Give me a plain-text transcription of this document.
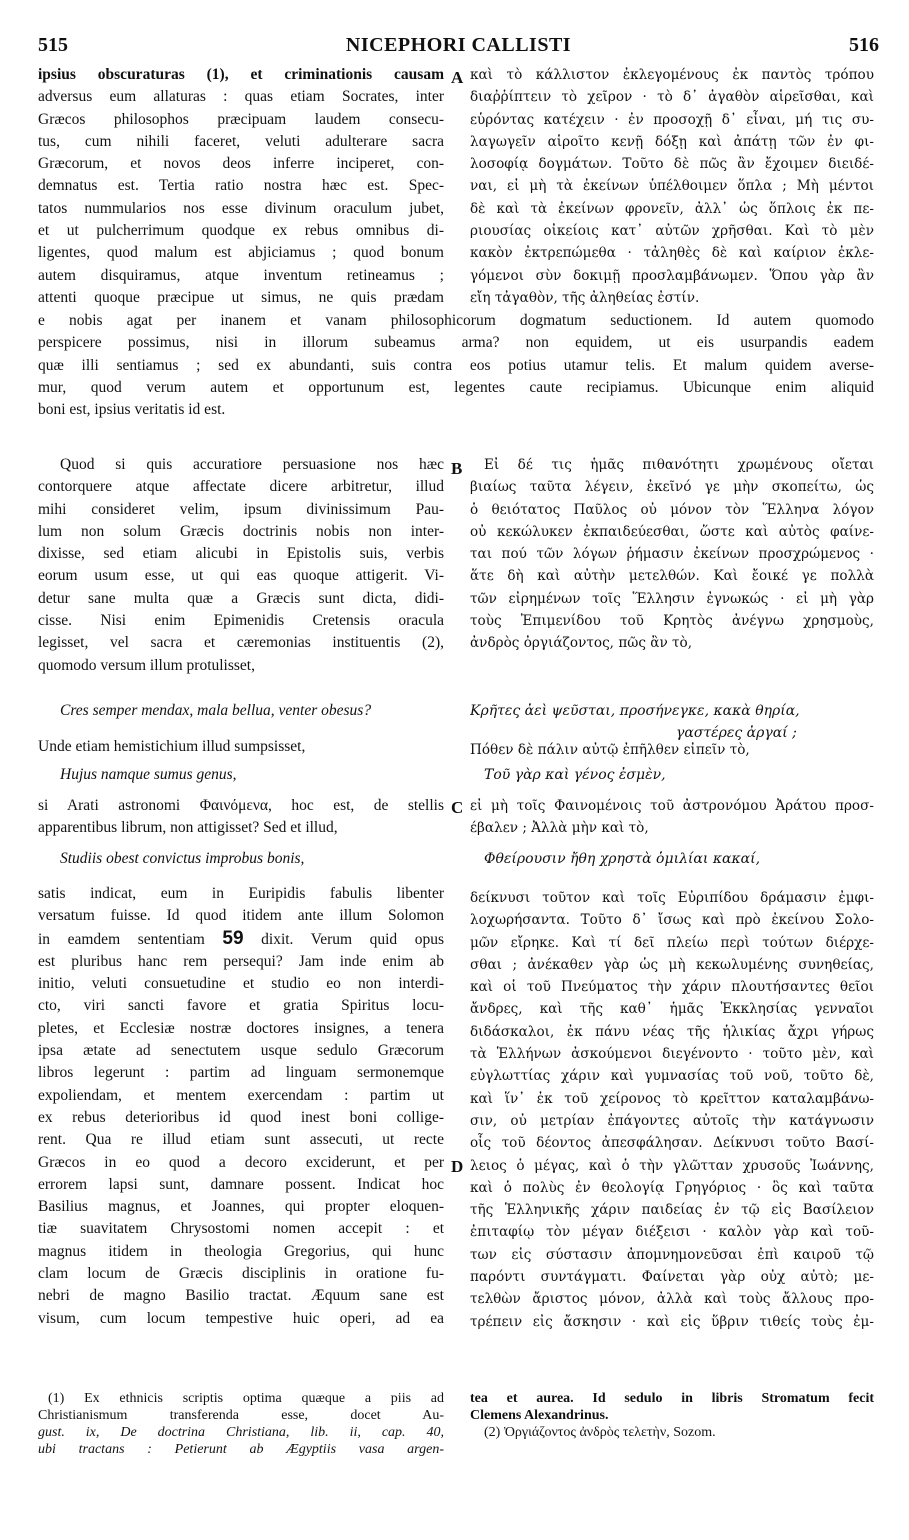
515	NICEPHORI CALLISTI	516
A
B
C
D
ipsius obscuraturas (1), et criminationis causam
adversus eum allaturas : quas etiam Socrates, inter
Græcos philosophos præcipuam laudem consecu-
tus, cum nihili faceret, veluti adulterare sacra
Græcorum, et novos deos inferre inciperet, con-
demnatus est. Tertia ratio nostra hæc est. Spec-
tatos nummularios nos esse divinum oraculum jubet,
et ut pulcherrimum quodque ex rebus omnibus di-
ligentes, quod malum est abjiciamus ; quod bonum
autem disquiramus, atque inventum retineamus ;
attenti quoque præcipue ut simus, ne quis prædam
καὶ τὸ κάλλιστον ἐκλεγομένους ἐκ παντὸς τρόπου
διαῤῥίπτειν τὸ χεῖρον · τὸ δ᾽ ἀγαθὸν αἱρεῖσθαι, καὶ
εὑρόντας κατέχειν · ἐν προσοχῇ δ᾽ εἶναι, μή τις συ-
λαγωγεῖν αἱροῖτο κενῇ δόξῃ καὶ ἀπάτῃ τῶν ἐν φι-
λοσοφίᾳ δογμάτων. Τοῦτο δὲ πῶς ἂν ἔχοιμεν διειδέ-
ναι, εἰ μὴ τὰ ἐκείνων ὑπέλθοιμεν ὅπλα ; Μὴ μέντοι
δὲ καὶ τὰ ἐκείνων φρονεῖν, ἀλλ᾽ ὡς ὅπλοις ἐκ πε-
ριουσίας οἰκείοις κατ᾽ αὐτῶν χρῆσθαι. Καὶ τὸ μὲν
κακὸν ἐκτρεπώμεθα · τἀληθὲς δὲ καὶ καίριον ἐκλε-
γόμενοι σὺν δοκιμῇ προσλαμβάνωμεν. Ὅπου γὰρ ἂν
εἴη τἀγαθὸν, τῆς ἀληθείας ἐστίν.
e nobis agat per inanem et vanam philosophicorum dogmatum seductionem. Id autem quomodo
perspicere possimus, nisi in illorum subeamus arma? non equidem, ut eis usurpandis eadem
quæ illi sentiamus ; sed ex abundanti, suis contra eos potius utamur telis. Et malum quidem averse-
mur, quod verum autem et opportunum est, legentes caute recipiamus. Ubicunque enim aliquid
boni est, ipsius veritatis id est.
Quod si quis accuratiore persuasione nos hæc
contorquere atque affectate dicere arbitretur, illud
mihi consideret velim, ipsum divinissimum Pau-
lum non solum Græcis doctrinis nobis non inter-
dixisse, sed etiam alicubi in Epistolis suis, verbis
eorum usum esse, ut qui eas quoque attigerit. Vi-
detur sane multa quæ a Græcis sunt dicta, didi-
cisse. Nisi enim Epimenidis Cretensis oracula
legisset, vel sacra et cæremonias instituentis (2),
quomodo versum illum protulisset,
Εἰ δέ τις ἡμᾶς πιθανότητι χρωμένους οἴεται
βιαίως ταῦτα λέγειν, ἐκεῖνό γε μὴν σκοπείτω, ὡς
ὁ θειότατος Παῦλος οὐ μόνον τὸν Ἕλληνα λόγον
οὐ κεκώλυκεν ἐκπαιδεύεσθαι, ὥστε καὶ αὐτὸς φαίνε-
ται πού τῶν λόγων ῥήμασιν ἐκείνων προσχρώμενος ·
ἅτε δὴ καὶ αὐτὴν μετελθών. Καὶ ἔοικέ γε πολλὰ
τῶν εἰρημένων τοῖς Ἕλλησιν ἐγνωκώς · εἰ μὴ γὰρ
τοὺς Ἐπιμενίδου τοῦ Κρητὸς ἀνέγνω χρησμοὺς,
ἀνδρὸς ὀργιάζοντος, πῶς ἂν τὸ,
Cres semper mendax, mala bellua, venter obesus?	Κρῆτες ἀεὶ ψεῦσται, προσήνεγκε, κακὰ θηρία,
γαστέρες ἀργαί ;
Unde etiam hemistichium illud sumpsisset,	Πόθεν δὲ πάλιν αὐτῷ ἐπῆλθεν εἰπεῖν τὸ,
Hujus namque sumus genus,	Τοῦ γὰρ καὶ γένος ἐσμὲν,
si Arati astronomi Φαινόμενα, hoc est, de stellis
apparentibus librum, non attigisset? Sed et illud,
εἰ μὴ τοῖς Φαινομένοις τοῦ ἀστρονόμου Ἀράτου προσ-
έβαλεν ; Ἀλλὰ μὴν καὶ τὸ,
Studiis obest convictus improbus bonis,	Φθείρουσιν ἤθη χρηστὰ ὁμιλίαι κακαί,
satis indicat, eum in Euripidis fabulis libenter
versatum fuisse. Id quod itidem ante illum Solomon
in eamdem sententiam 59 dixit. Verum quid opus
est pluribus hanc rem persequi? Jam inde enim ab
initio, veluti consuetudine et studio eo non interdi-
cto, viri sancti favore et gratia Spiritus locu-
pletes, et Ecclesiæ nostræ doctores insignes, a tenera
ipsa ætate ad senectutem usque sedulo Græcorum
libros legerunt : partim ad linguam sermonemque
expoliendam, et mentem exercendam : partim ut
ex rebus deterioribus id quod inest boni collige-
rent. Qua re illud etiam sunt assecuti, ut recte
Græcos in eo quod a decoro exciderunt, et per
errorem lapsi sunt, damnare possent. Indicat hoc
Basilius magnus, et Joannes, qui propter eloquen-
tiæ suavitatem Chrysostomi nomen accepit : et
magnus itidem in theologia Gregorius, qui hunc
clam locum de Græcis disciplinis in oratione fu-
nebri de magno Basilio tractat. Æquum sane est
visum, cum locum tempestive huic operi, ad ea
δείκνυσι τοῦτον καὶ τοῖς Εὐριπίδου δράμασιν ἐμφι-
λοχωρήσαντα. Τοῦτο δ᾽ ἴσως καὶ πρὸ ἐκείνου Σολο-
μῶν εἴρηκε. Καὶ τί δεῖ πλείω περὶ τούτων διέρχε-
σθαι ; ἀνέκαθεν γὰρ ὡς μὴ κεκωλυμένης συνηθείας,
καὶ οἱ τοῦ Πνεύματος τὴν χάριν πλουτήσαντες θεῖοι
ἄνδρες, καὶ τῆς καθ᾽ ἡμᾶς Ἐκκλησίας γενναῖοι
διδάσκαλοι, ἐκ πάνυ νέας τῆς ἡλικίας ἄχρι γήρως
τὰ Ἑλλήνων ἀσκούμενοι διεγένοντο · τοῦτο μὲν, καὶ
εὐγλωττίας χάριν καὶ γυμνασίας τοῦ νοῦ, τοῦτο δὲ,
καὶ ἵν᾽ ἐκ τοῦ χείρονος τὸ κρεῖττον καταλαμβάνω-
σιν, οὐ μετρίαν ἐπάγοντες αὐτοῖς τὴν κατάγνωσιν
οἷς τοῦ δέοντος ἀπεσφάλησαν. Δείκνυσι τοῦτο Βασί-
λειος ὁ μέγας, καὶ ὁ τὴν γλῶτταν χρυσοῦς Ἰωάννης,
καὶ ὁ πολὺς ἐν θεολογίᾳ Γρηγόριος · ὃς καὶ ταῦτα
τῆς Ἑλληνικῆς χάριν παιδείας ἐν τῷ εἰς Βασίλειον
ἐπιταφίῳ τὸν μέγαν διέξεισι · καλὸν γὰρ καὶ τοῦ-
των εἰς σύστασιν ἀπομνημονεῦσαι ἐπὶ καιροῦ τῷ
παρόντι συντάγματι. Φαίνεται γὰρ οὐχ αὐτὸ; με-
τελθὼν ἄριστος μόνον, ἀλλὰ καὶ τοὺς ἄλλους προ-
τρέπειν εἰς ἄσκησιν · καὶ εἰς ὕβριν τιθείς τοὺς ἐμ-
(1) Ex ethnicis scriptis optima quæque a piis ad
Christianismum transferenda esse, docet Au-
gust. ix, De doctrina Christiana, lib. ii, cap. 40,
ubi tractans : Petierunt ab Ægyptiis vasa argen-
tea et aurea. Id sedulo in libris Stromatum fecit
Clemens Alexandrinus.
(2) Ὀργιάζοντος ἀνδρὸς τελετὴν, Sozom.
